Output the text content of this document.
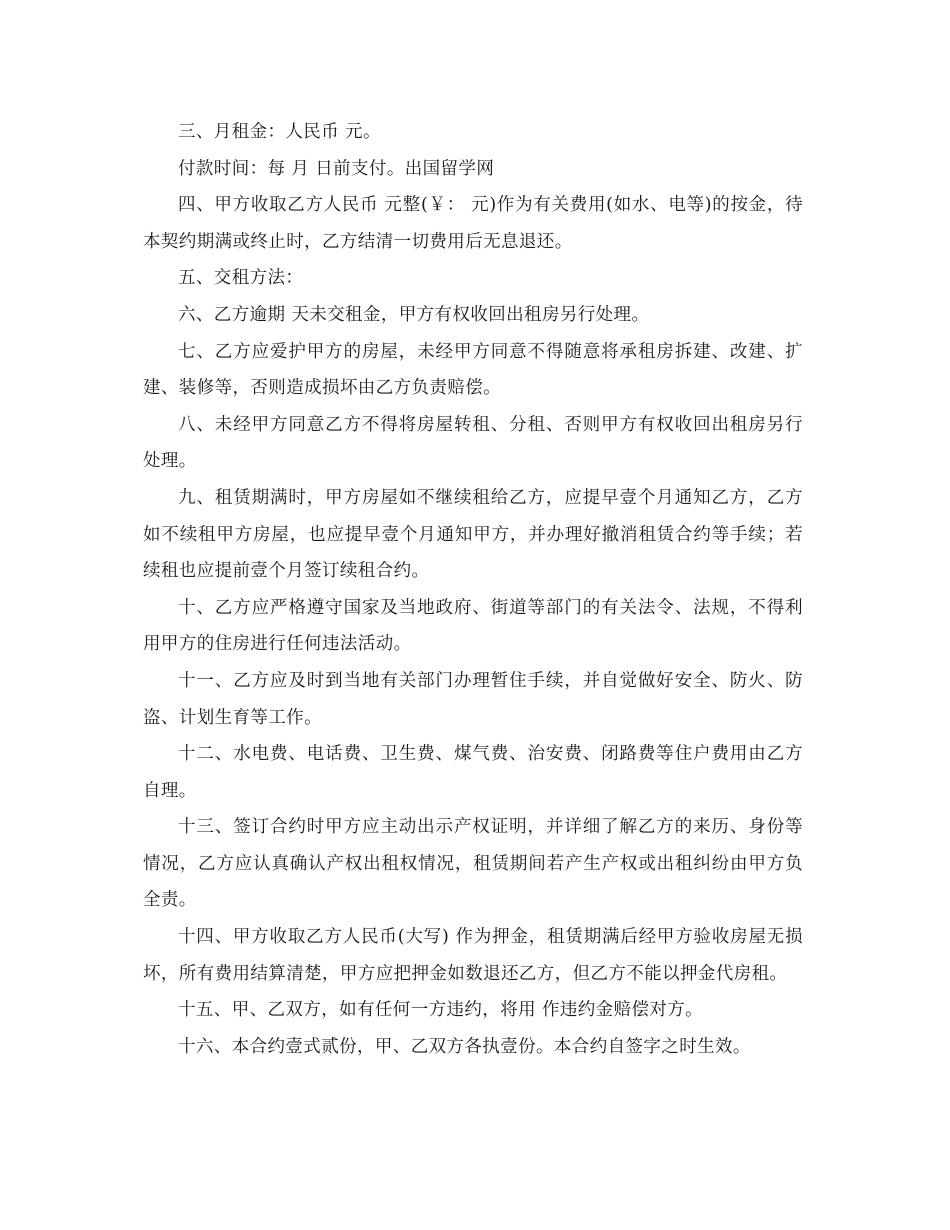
三、月租金：人民币 元。

付款时间：每 月 日前支付。出国留学网

四、甲方收取乙方人民币 元整(￥： 元)作为有关费用(如水、电等)的按金，待本契约期满或终止时，乙方结清一切费用后无息退还。

五、交租方法：

六、乙方逾期 天未交租金，甲方有权收回出租房另行处理。

七、乙方应爱护甲方的房屋，未经甲方同意不得随意将承租房拆建、改建、扩建、装修等，否则造成损坏由乙方负责赔偿。

八、未经甲方同意乙方不得将房屋转租、分租、否则甲方有权收回出租房另行处理。

九、租赁期满时，甲方房屋如不继续租给乙方，应提早壹个月通知乙方，乙方如不续租甲方房屋，也应提早壹个月通知甲方，并办理好撤消租赁合约等手续；若续租也应提前壹个月签订续租合约。

十、乙方应严格遵守国家及当地政府、街道等部门的有关法令、法规，不得利用甲方的住房进行任何违法活动。

十一、乙方应及时到当地有关部门办理暂住手续，并自觉做好安全、防火、防盗、计划生育等工作。

十二、水电费、电话费、卫生费、煤气费、治安费、闭路费等住户费用由乙方自理。

十三、签订合约时甲方应主动出示产权证明，并详细了解乙方的来历、身份等情况，乙方应认真确认产权出租权情况，租赁期间若产生产权或出租纠纷由甲方负全责。

十四、甲方收取乙方人民币(大写) 作为押金，租赁期满后经甲方验收房屋无损坏，所有费用结算清楚，甲方应把押金如数退还乙方，但乙方不能以押金代房租。

十五、甲、乙双方，如有任何一方违约，将用 作违约金赔偿对方。

十六、本合约壹式贰份，甲、乙双方各执壹份。本合约自签字之时生效。
